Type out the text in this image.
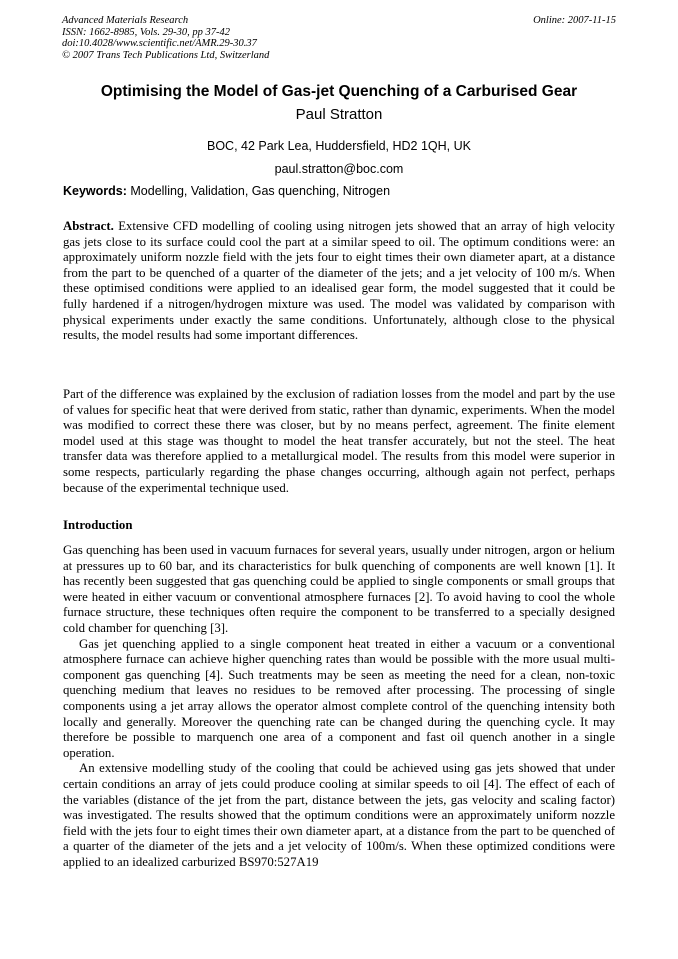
Advanced Materials Research
ISSN: 1662-8985, Vols. 29-30, pp 37-42
doi:10.4028/www.scientific.net/AMR.29-30.37
© 2007 Trans Tech Publications Ltd, Switzerland
Online: 2007-11-15
Optimising the Model of Gas-jet Quenching of a Carburised Gear
Paul Stratton
BOC, 42 Park Lea, Huddersfield, HD2 1QH, UK
paul.stratton@boc.com
Keywords: Modelling, Validation, Gas quenching, Nitrogen

Abstract. Extensive CFD modelling of cooling using nitrogen jets showed that an array of high velocity gas jets close to its surface could cool the part at a similar speed to oil. The optimum conditions were: an approximately uniform nozzle field with the jets four to eight times their own diameter apart, at a distance from the part to be quenched of a quarter of the diameter of the jets; and a jet velocity of 100 m/s. When these optimised conditions were applied to an idealised gear form, the model suggested that it could be fully hardened if a nitrogen/hydrogen mixture was used. The model was validated by comparison with physical experiments under exactly the same conditions. Unfortunately, although close to the physical results, the model results had some important differences.

Part of the difference was explained by the exclusion of radiation losses from the model and part by the use of values for specific heat that were derived from static, rather than dynamic, experiments. When the model was modified to correct these there was closer, but by no means perfect, agreement. The finite element model used at this stage was thought to model the heat transfer accurately, but not the steel. The heat transfer data was therefore applied to a metallurgical model. The results from this model were superior in some respects, particularly regarding the phase changes occurring, although again not perfect, perhaps because of the experimental technique used.

Introduction

Gas quenching has been used in vacuum furnaces for several years, usually under nitrogen, argon or helium at pressures up to 60 bar, and its characteristics for bulk quenching of components are well known [1]. It has recently been suggested that gas quenching could be applied to single components or small groups that were heated in either vacuum or conventional atmosphere furnaces [2]. To avoid having to cool the whole furnace structure, these techniques often require the component to be transferred to a specially designed cold chamber for quenching [3].

Gas jet quenching applied to a single component heat treated in either a vacuum or a conventional atmosphere furnace can achieve higher quenching rates than would be possible with the more usual multi-component gas quenching [4]. Such treatments may be seen as meeting the need for a clean, non-toxic quenching medium that leaves no residues to be removed after processing. The processing of single components using a jet array allows the operator almost complete control of the quenching intensity both locally and generally. Moreover the quenching rate can be changed during the quenching cycle. It may therefore be possible to marquench one area of a component and fast oil quench another in a single operation.

An extensive modelling study of the cooling that could be achieved using gas jets showed that under certain conditions an array of jets could produce cooling at similar speeds to oil [4]. The effect of each of the variables (distance of the jet from the part, distance between the jets, gas velocity and scaling factor) was investigated. The results showed that the optimum conditions were an approximately uniform nozzle field with the jets four to eight times their own diameter apart, at a distance from the part to be quenched of a quarter of the diameter of the jets and a jet velocity of 100m/s. When these optimized conditions were applied to an idealized carburized BS970:527A19
